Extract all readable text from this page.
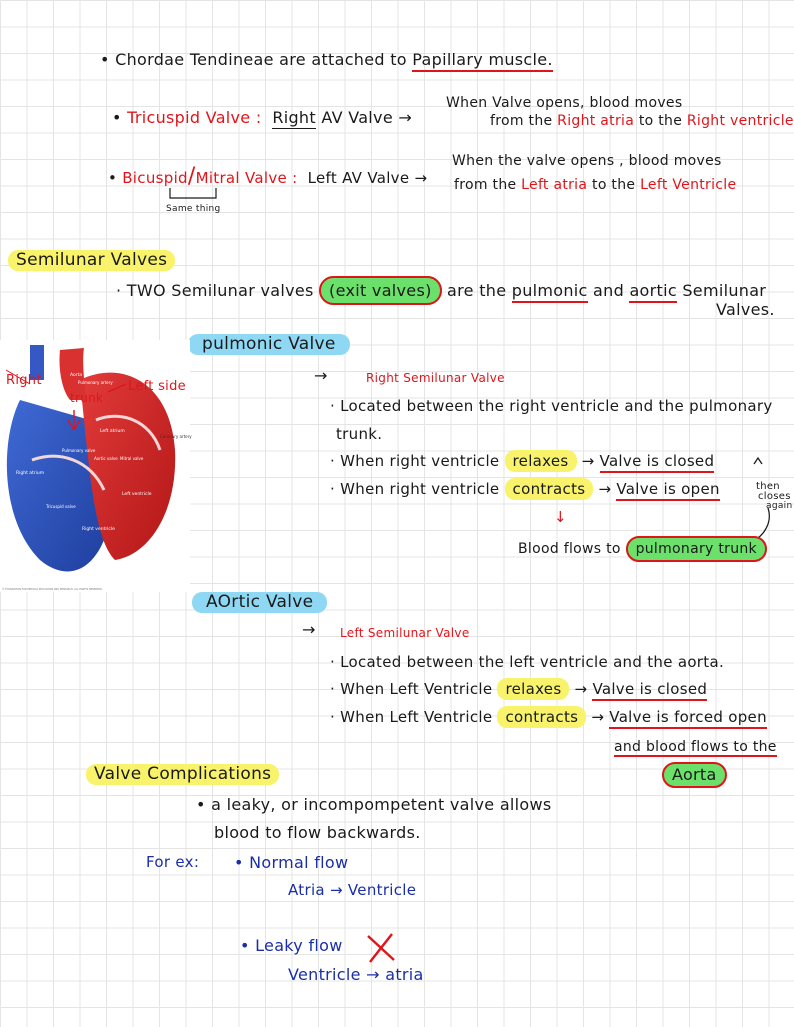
• Chordae Tendineae are attached to Papillary muscle.
• Tricuspid Valve : Right AV Valve →
When Valve opens, blood moves
from the Right atria to the Right ventricle
• Bicuspid/Mitral Valve : Left AV Valve →
When the valve opens , blood moves
from the Left atria to the Left Ventricle
Same thing
Semilunar Valves
· TWO Semilunar valves (exit valves) are the pulmonic and aortic Semilunar
Valves.
pulmonic Valve
→	Right Semilunar Valve
· Located between the right ventricle and the pulmonary
trunk.
· When right ventricle relaxes → Valve is closed
· When right ventricle contracts → Valve is open	then
closes
again
↓
Blood flows to pulmonary trunk
Aorta
Pulmonary artery
Left atrium
Coronary artery
Pulmonary valve
Aortic valve Mitral valve
Right atrium
Left ventricle
Tricuspid valve
Right ventricle
© FOUNDATION FOR MEDICAL EDUCATION AND RESEARCH. ALL RIGHTS RESERVED.
Right
trunk
Left side
AOrtic Valve
→ Left Semilunar Valve
· Located between the left ventricle and the aorta.
· When Left Ventricle relaxes → Valve is closed
· When Left Ventricle contracts → Valve is forced open
and blood flows to the
Aorta
Valve Complications
• a leaky, or incompompetent valve allows
blood to flow backwards.
For ex: • Normal flow
Atria → Ventricle
• Leaky flow
Ventricle → atria
